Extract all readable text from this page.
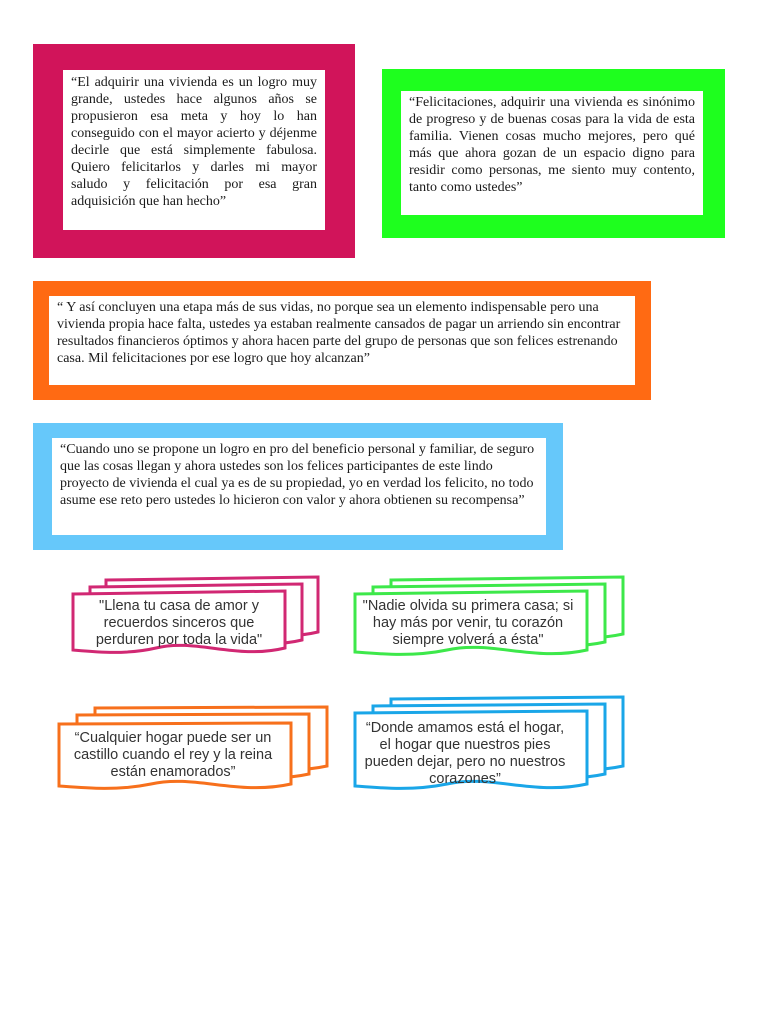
“El adquirir una vivienda es un logro muy grande, ustedes hace algunos años se propusieron esa meta y hoy lo han conseguido con el mayor acierto y déjenme decirle que está simplemente fabulosa. Quiero felicitarlos y darles mi mayor saludo y felicitación por esa gran adquisición que han hecho”
“Felicitaciones, adquirir una vivienda es sinónimo de progreso y de buenas cosas para la vida de esta familia. Vienen cosas mucho mejores, pero qué más que ahora gozan de un espacio digno para residir como personas, me siento muy contento, tanto como ustedes”
“ Y así concluyen una etapa más de sus vidas, no porque sea un elemento indispensable pero una vivienda propia hace falta, ustedes ya estaban realmente cansados de pagar un arriendo sin encontrar resultados financieros óptimos y ahora hacen parte del grupo de personas que son felices estrenando casa. Mil felicitaciones por ese logro que hoy alcanzan”
“Cuando uno se propone un logro en pro del beneficio personal y familiar, de seguro que las cosas llegan y ahora ustedes son los felices participantes de este lindo proyecto de vivienda el cual ya es de su propiedad, yo en verdad los felicito, no todo asume ese reto pero ustedes lo hicieron con valor y ahora obtienen su recompensa”
"Llena tu casa de amor y recuerdos sinceros que perduren por toda la vida"
"Nadie olvida su primera casa; si hay más por venir, tu corazón siempre volverá a ésta"
“Cualquier hogar puede ser un castillo cuando el rey y la reina están enamorados”
“Donde amamos está el hogar, el hogar que nuestros pies pueden dejar, pero no nuestros corazones”
